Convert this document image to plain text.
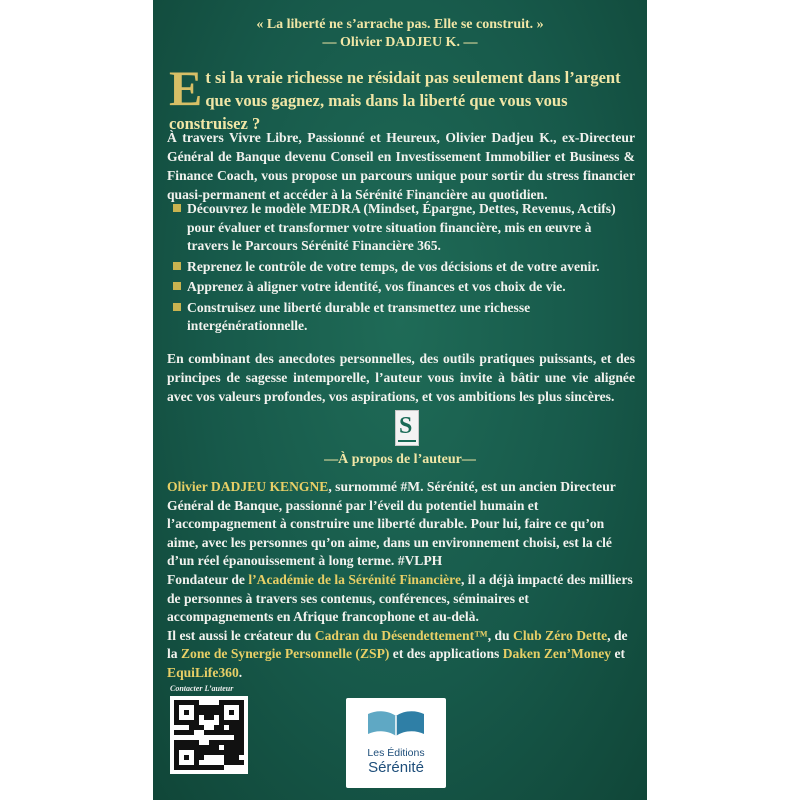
« La liberté ne s’arrache pas. Elle se construit. »
— Olivier DADJEU K. —
Et si la vraie richesse ne résidait pas seulement dans l’argent que vous gagnez, mais dans la liberté que vous vous construisez ?
À travers Vivre Libre, Passionné et Heureux, Olivier Dadjeu K., ex-Directeur Général de Banque devenu Conseil en Investissement Immobilier et Business & Finance Coach, vous propose un parcours unique pour sortir du stress financier quasi-permanent et accéder à la Sérénité Financière au quotidien.
Découvrez le modèle MEDRA (Mindset, Épargne, Dettes, Revenus, Actifs) pour évaluer et transformer votre situation financière, mis en œuvre à travers le Parcours Sérénité Financière 365.
Reprenez le contrôle de votre temps, de vos décisions et de votre avenir.
Apprenez à aligner votre identité, vos finances et vos choix de vie.
Construisez une liberté durable et transmettez une richesse intergénérationnelle.
En combinant des anecdotes personnelles, des outils pratiques puissants, et des principes de sagesse intemporelle, l’auteur vous invite à bâtir une vie alignée avec vos valeurs profondes, vos aspirations, et vos ambitions les plus sincères.
S
—À propos de l’auteur—
Olivier DADJEU KENGNE, surnommé #M. Sérénité, est un ancien Directeur Général de Banque, passionné par l’éveil du potentiel humain et l’accompagnement à construire une liberté durable. Pour lui, faire ce qu’on aime, avec les personnes qu’on aime, dans un environnement choisi, est la clé d’un réel épanouissement à long terme. #VLPH
Fondateur de l’Académie de la Sérénité Financière, il a déjà impacté des milliers de personnes à travers ses contenus, conférences, séminaires et accompagnements en Afrique francophone et au-delà.
Il est aussi le créateur du Cadran du Désendettement™, du Club Zéro Dette, de la Zone de Synergie Personnelle (ZSP) et des applications Daken Zen’Money et EquiLife360.
Contacter L’auteur
Les Éditions
Sérénité
